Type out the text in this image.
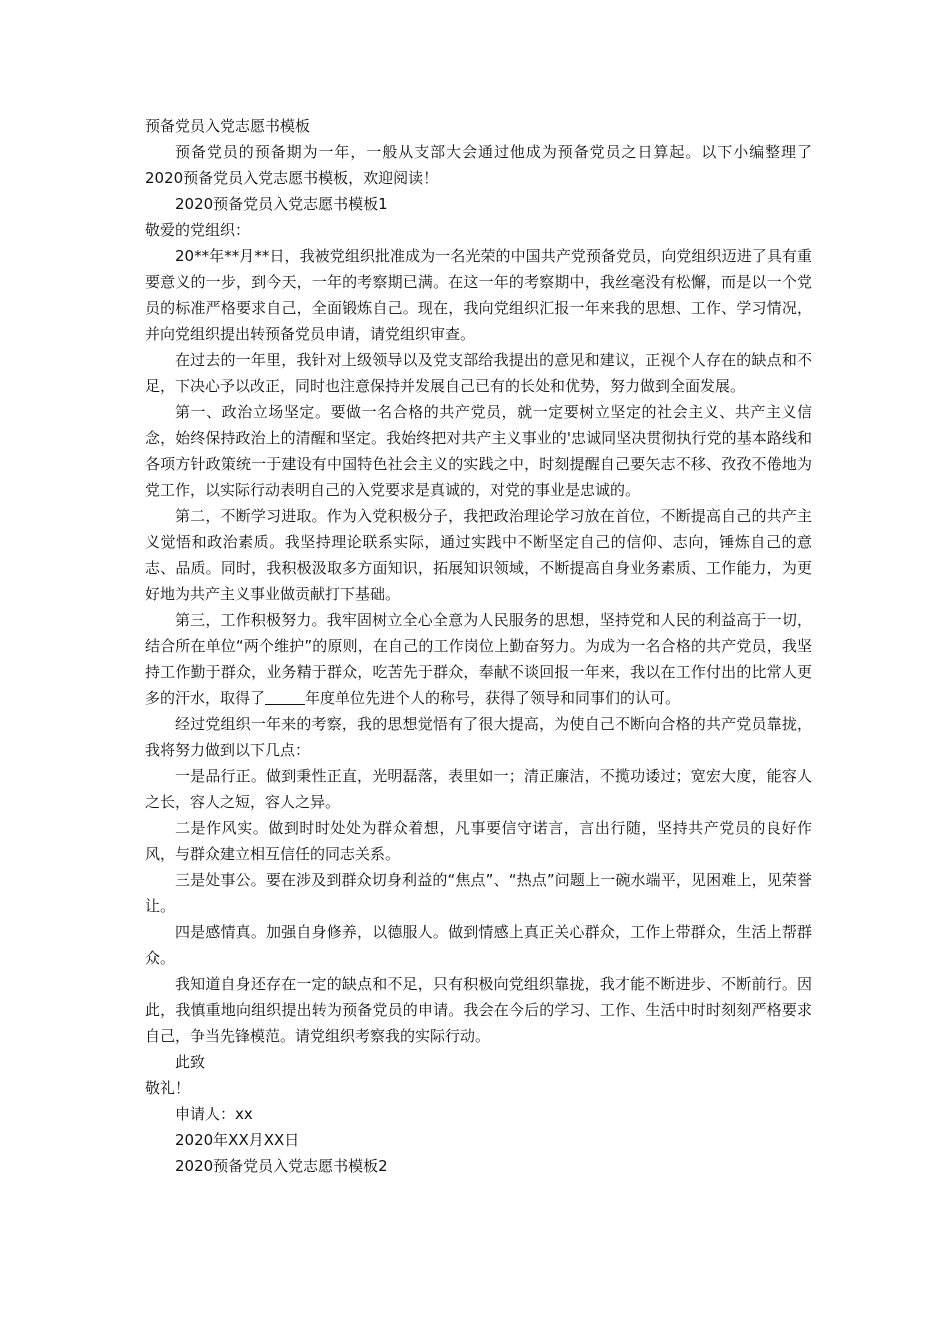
预备党员入党志愿书模板

预备党员的预备期为一年，一般从支部大会通过他成为预备党员之日算起。以下小编整理了2020预备党员入党志愿书模板，欢迎阅读！

2020预备党员入党志愿书模板1

敬爱的党组织：

20**年**月**日，我被党组织批准成为一名光荣的中国共产党预备党员，向党组织迈进了具有重要意义的一步，到今天，一年的考察期已满。在这一年的考察期中，我丝毫没有松懈，而是以一个党员的标准严格要求自己，全面锻炼自己。现在，我向党组织汇报一年来我的思想、工作、学习情况，并向党组织提出转预备党员申请，请党组织审查。

在过去的一年里，我针对上级领导以及党支部给我提出的意见和建议，正视个人存在的缺点和不足，下决心予以改正，同时也注意保持并发展自己已有的长处和优势，努力做到全面发展。

第一、政治立场坚定。要做一名合格的共产党员，就一定要树立坚定的社会主义、共产主义信念，始终保持政治上的清醒和坚定。我始终把对共产主义事业的'忠诚同坚决贯彻执行党的基本路线和各项方针政策统一于建设有中国特色社会主义的实践之中，时刻提醒自己要矢志不移、孜孜不倦地为党工作，以实际行动表明自己的入党要求是真诚的，对党的事业是忠诚的。

第二，不断学习进取。作为入党积极分子，我把政治理论学习放在首位，不断提高自己的共产主义觉悟和政治素质。我坚持理论联系实际，通过实践中不断坚定自己的信仰、志向，锤炼自己的意志、品质。同时，我积极汲取多方面知识，拓展知识领域，不断提高自身业务素质、工作能力，为更好地为共产主义事业做贡献打下基础。

第三，工作积极努力。我牢固树立全心全意为人民服务的思想，坚持党和人民的利益高于一切，结合所在单位“两个维护”的原则，在自己的工作岗位上勤奋努力。为成为一名合格的共产党员，我坚持工作勤于群众，业务精于群众，吃苦先于群众，奉献不谈回报一年来，我以在工作付出的比常人更多的汗水，取得了	年度单位先进个人的称号，获得了领导和同事们的认可。

经过党组织一年来的考察，我的思想觉悟有了很大提高，为使自己不断向合格的共产党员靠拢，我将努力做到以下几点：

一是品行正。做到秉性正直，光明磊落，表里如一；清正廉洁，不揽功诿过；宽宏大度，能容人之长，容人之短，容人之异。

二是作风实。做到时时处处为群众着想，凡事要信守诺言，言出行随，坚持共产党员的良好作风，与群众建立相互信任的同志关系。

三是处事公。要在涉及到群众切身利益的“焦点”、“热点”问题上一碗水端平，见困难上，见荣誉让。

四是感情真。加强自身修养，以德服人。做到情感上真正关心群众，工作上带群众，生活上帮群众。

我知道自身还存在一定的缺点和不足，只有积极向党组织靠拢，我才能不断进步、不断前行。因此，我慎重地向组织提出转为预备党员的申请。我会在今后的学习、工作、生活中时时刻刻严格要求自己，争当先锋模范。请党组织考察我的实际行动。

此致

敬礼！

申请人：xx

2020年XX月XX日

2020预备党员入党志愿书模板2
